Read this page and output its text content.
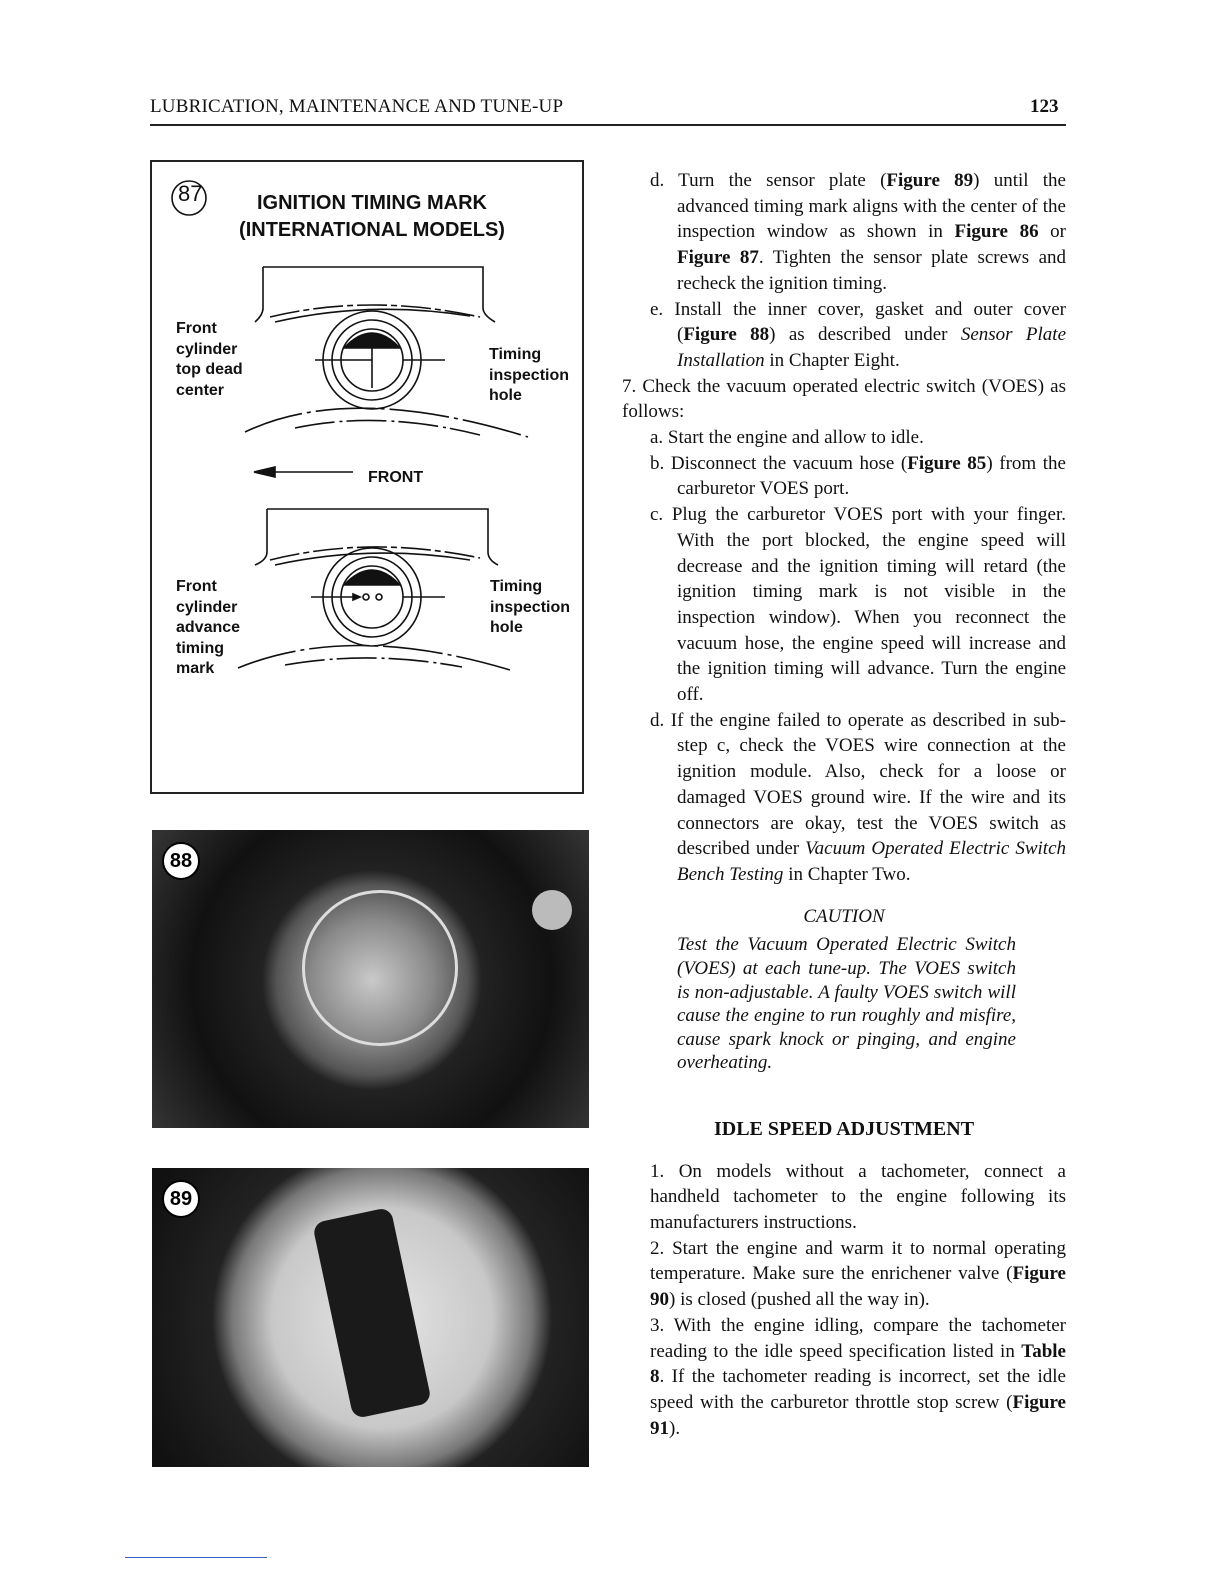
LUBRICATION, MAINTENANCE AND TUNE-UP	123
87	IGNITION TIMING MARK
(INTERNATIONAL MODELS)
Front
cylinder
top dead
center
Timing
inspection
hole
FRONT
Front
cylinder
advance
timing
mark
Timing
inspection
hole
88
89

d. Turn the sensor plate (Figure 89) until the advanced timing mark aligns with the center of the inspection window as shown in Figure 86 or Figure 87. Tighten the sensor plate screws and recheck the ignition timing.

e. Install the inner cover, gasket and outer cover (Figure 88) as described under Sensor Plate Installation in Chapter Eight.

7. Check the vacuum operated electric switch (VOES) as follows:

a. Start the engine and allow to idle.

b. Disconnect the vacuum hose (Figure 85) from the carburetor VOES port.

c. Plug the carburetor VOES port with your finger. With the port blocked, the engine speed will decrease and the ignition timing will retard (the ignition timing mark is not visible in the inspection window). When you reconnect the vacuum hose, the engine speed will increase and the ignition timing will advance. Turn the engine off.

d. If the engine failed to operate as described in sub-step c, check the VOES wire connection at the ignition module. Also, check for a loose or damaged VOES ground wire. If the wire and its connectors are okay, test the VOES switch as described under Vacuum Operated Electric Switch Bench Testing in Chapter Two.

CAUTION

Test the Vacuum Operated Electric Switch (VOES) at each tune-up. The VOES switch is non-adjustable. A faulty VOES switch will cause the engine to run roughly and misfire, cause spark knock or pinging, and engine overheating.

IDLE SPEED ADJUSTMENT

1. On models without a tachometer, connect a handheld tachometer to the engine following its manufacturers instructions.

2. Start the engine and warm it to normal operating temperature. Make sure the enrichener valve (Figure 90) is closed (pushed all the way in).

3. With the engine idling, compare the tachometer reading to the idle speed specification listed in Table 8. If the tachometer reading is incorrect, set the idle speed with the carburetor throttle stop screw (Figure 91).
